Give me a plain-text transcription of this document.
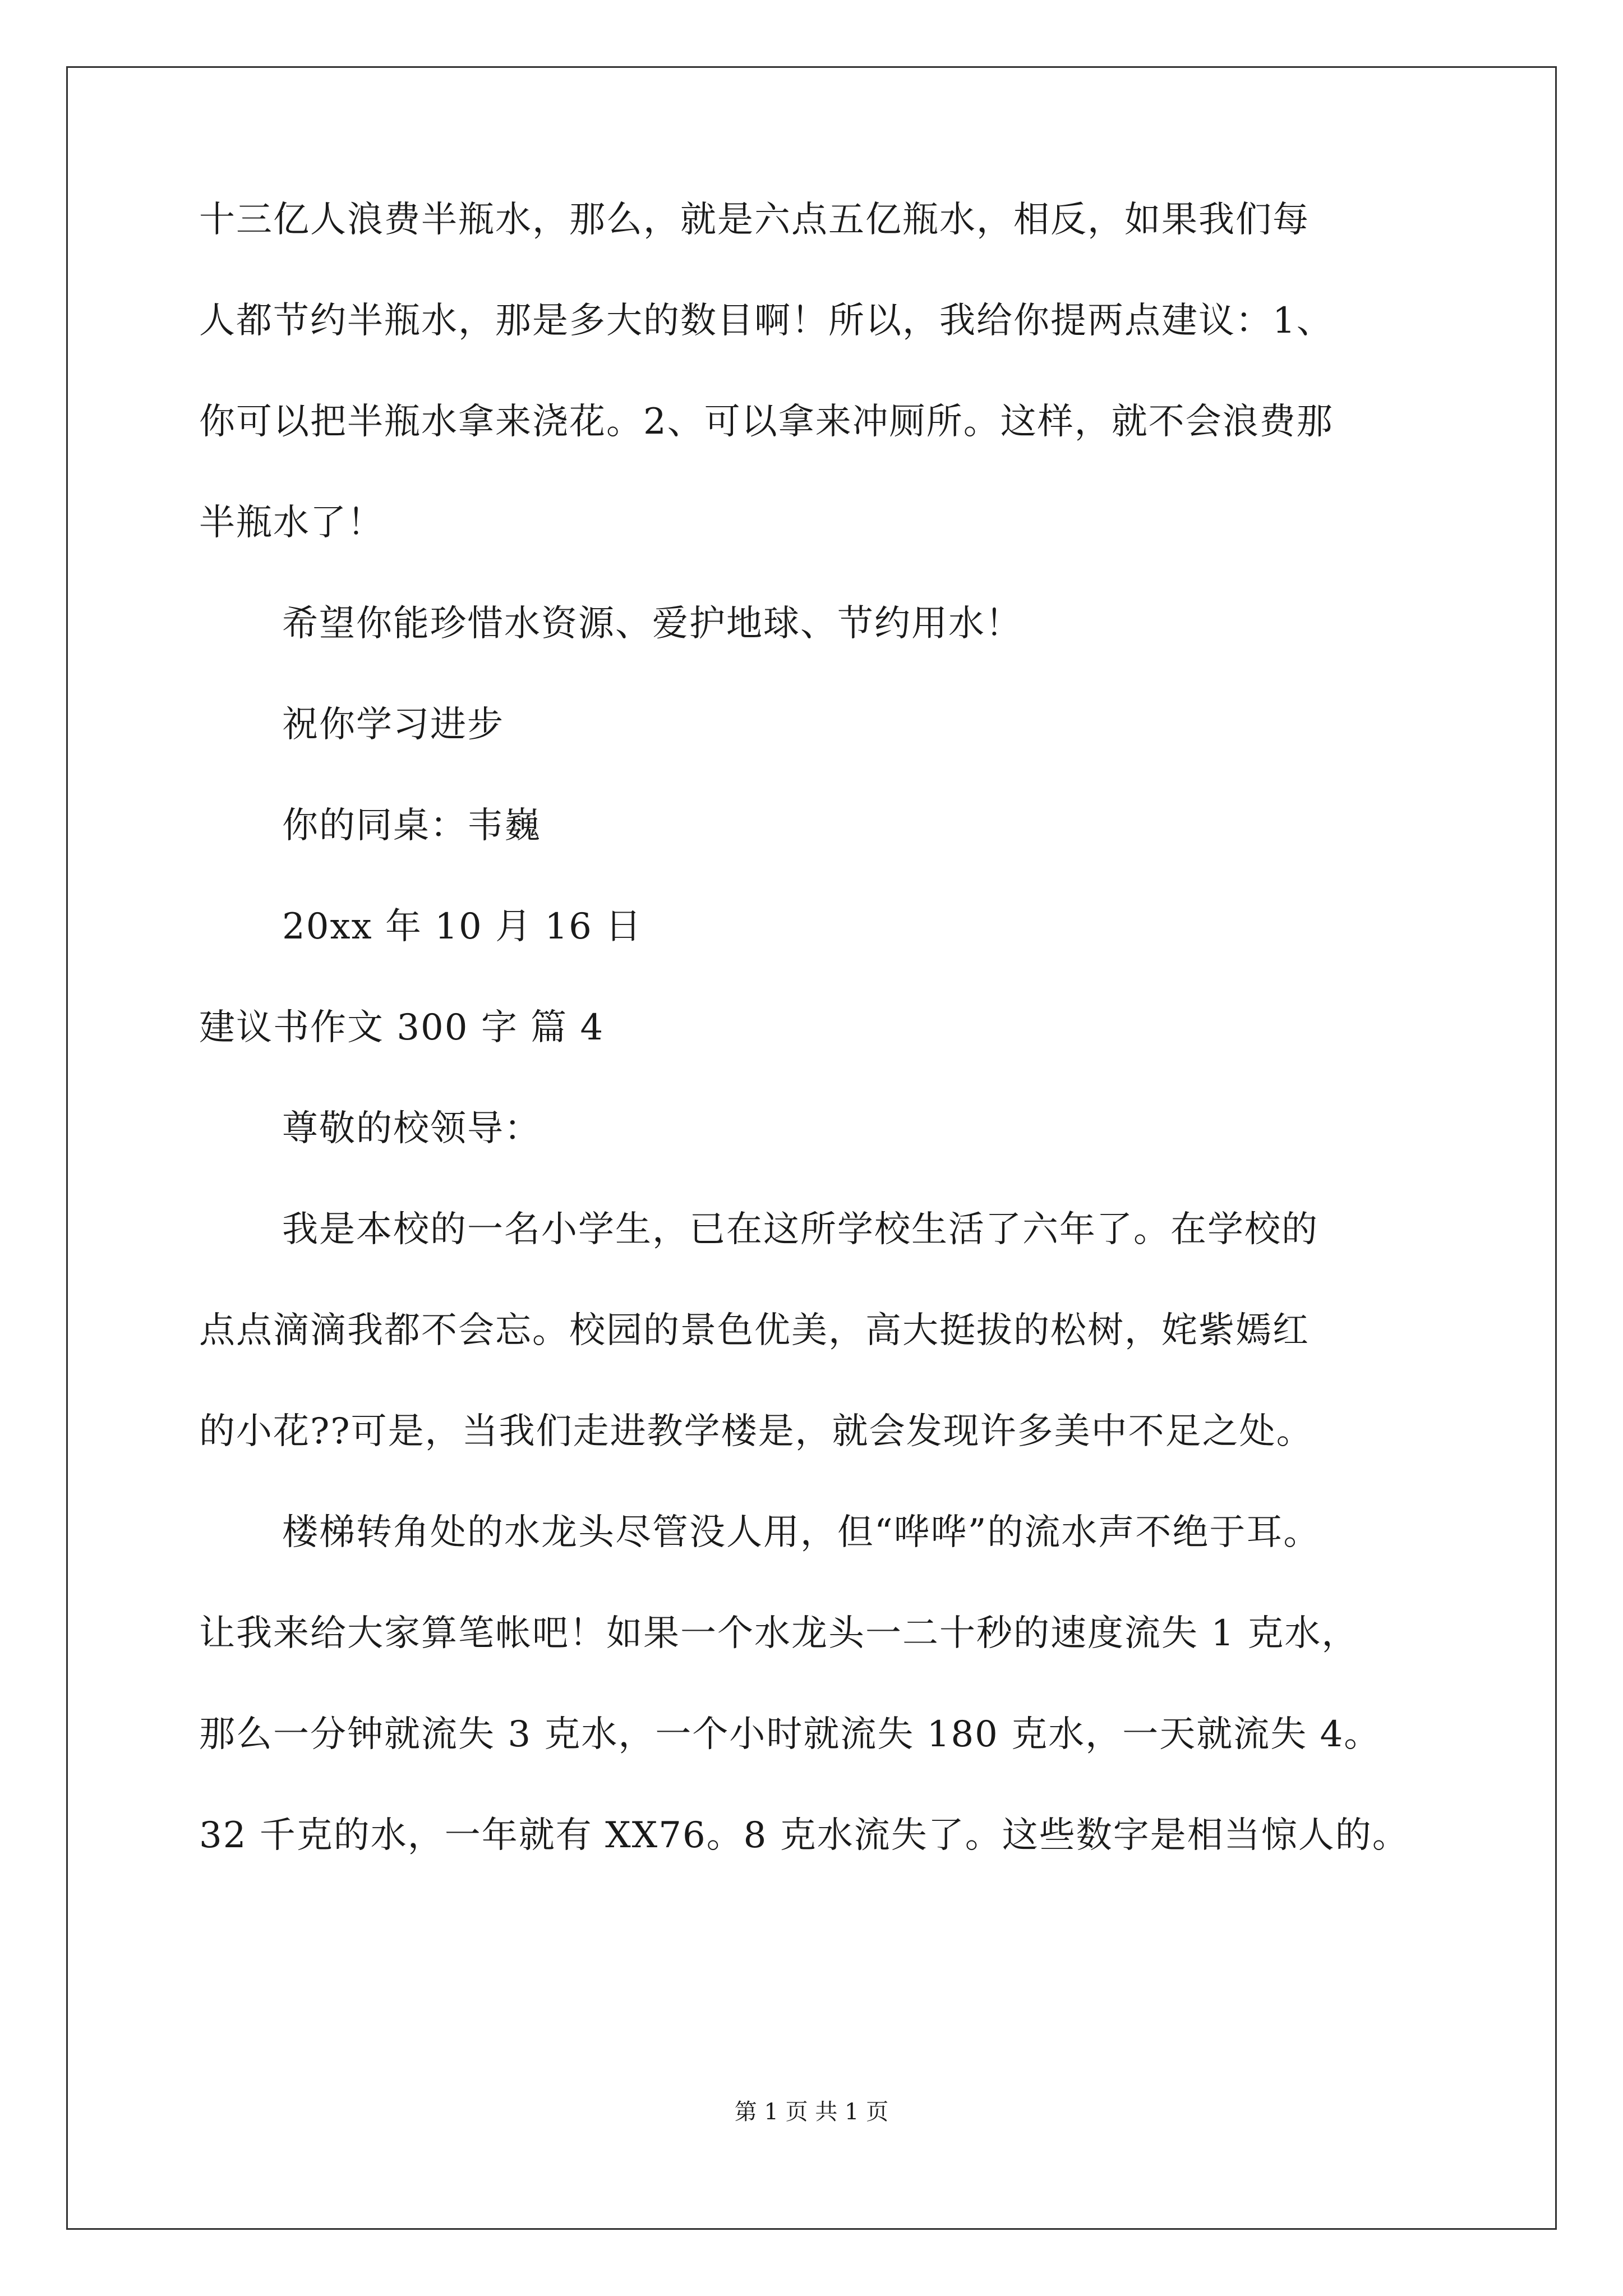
十三亿人浪费半瓶水，那么，就是六点五亿瓶水，相反，如果我们每
人都节约半瓶水，那是多大的数目啊！所以，我给你提两点建议：1、
你可以把半瓶水拿来浇花。2、可以拿来冲厕所。这样，就不会浪费那
半瓶水了！
希望你能珍惜水资源、爱护地球、节约用水！
祝你学习进步
你的同桌：韦巍
20xx 年 10 月 16 日
建议书作文 300 字 篇 4
尊敬的校领导：
我是本校的一名小学生，已在这所学校生活了六年了。在学校的
点点滴滴我都不会忘。校园的景色优美，高大挺拔的松树，姹紫嫣红
的小花??可是，当我们走进教学楼是，就会发现许多美中不足之处。
楼梯转角处的水龙头尽管没人用，但“哗哗”的流水声不绝于耳。
让我来给大家算笔帐吧！如果一个水龙头一二十秒的速度流失 1 克水，
那么一分钟就流失 3 克水，一个小时就流失 180 克水，一天就流失 4。
32 千克的水，一年就有 XX76。8 克水流失了。这些数字是相当惊人的。
第 1 页 共 1 页
